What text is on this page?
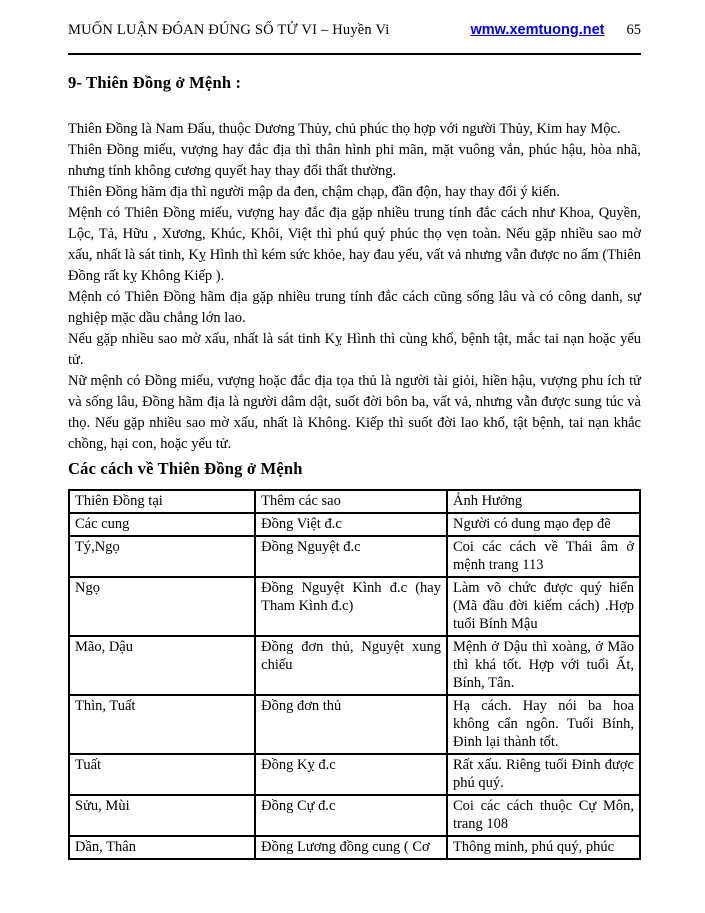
MUỐN LUẬN ĐÓAN ĐÚNG SỐ TỬ VI – Huyền Vi	wmw.xemtuong.net 65
9- Thiên Đồng ở Mệnh :

Thiên Đồng là Nam Đẩu, thuộc Dương Thủy, chủ phúc thọ hợp với người Thủy, Kim hay Mộc.

Thiên Đồng miếu, vượng hay đắc địa thì thân hình phi mãn, mặt vuông vắn, phúc hậu, hòa nhã, nhưng tính không cương quyết hay thay đổi thất thường.

Thiên Đồng hãm địa thì người mập da đen, chậm chạp, đần độn, hay thay đổi ý kiến.

Mệnh có Thiên Đồng miếu, vượng hay đắc địa gặp nhiều trung tính đắc cách như Khoa, Quyền, Lộc, Tả, Hữu , Xương, Khúc, Khôi, Việt thì phú quý phúc thọ vẹn toàn. Nếu gặp nhiều sao mờ xấu, nhất là sát tinh, Kỵ Hình thì kém sức khỏe, hay đau yếu, vất vả nhưng vẫn được no ấm (Thiên Đồng rất kỵ Không Kiếp ).

Mệnh có Thiên Đồng hãm địa gặp nhiều trung tính đắc cách cũng sống lâu và có công danh, sự nghiệp mặc dầu chẳng lớn lao.

Nếu gặp nhiều sao mờ xấu, nhất là sát tinh Kỵ Hình thì cùng khổ, bệnh tật, mắc tai nạn hoặc yểu tử.

Nữ mệnh có Đồng miếu, vượng hoặc đắc địa tọa thủ là người tài giỏi, hiền hậu, vượng phu ích tử và sống lâu, Đồng hãm địa là người dâm dật, suốt đời bôn ba, vất vả, nhưng vẫn được sung túc và thọ. Nếu gặp nhiều sao mờ xấu, nhất là Không. Kiếp thì suốt đời lao khổ, tật bệnh, tai nạn khắc chồng, hại con, hoặc yểu tử.

Các cách về Thiên Đồng ở Mệnh
Thiên Đồng tại	Thêm các sao	Ảnh Hưởng
Các cung	Đồng Việt đ.c	Người có dung mạo đẹp đẽ
Tý,Ngọ	Đồng Nguyệt đ.c	Coi các cách về Thái âm ở mệnh trang 113
Ngọ	Đồng Nguyệt Kình đ.c (hay Tham Kình đ.c)	Làm võ chức được quý hiển (Mã đầu đời kiếm cách) .Hợp tuổi Bính Mậu
Mão, Dậu	Đồng đơn thủ, Nguyệt xung chiếu	Mệnh ở Dậu thì xoàng, ở Mão thì khá tốt. Hợp với tuổi Ất, Bính, Tân.
Thìn, Tuất	Đồng đơn thủ	Hạ cách. Hay nói ba hoa không cẩn ngôn. Tuổi Bính, Đinh lại thành tốt.
Tuất	Đồng Kỵ đ.c	Rất xấu. Riêng tuổi Đinh được phú quý.
Sửu, Mùi	Đồng Cự đ.c	Coi các cách thuộc Cự Môn, trang 108
Dần, Thân	Đồng Lương đồng cung ( Cơ	Thông minh, phú quý, phúc
